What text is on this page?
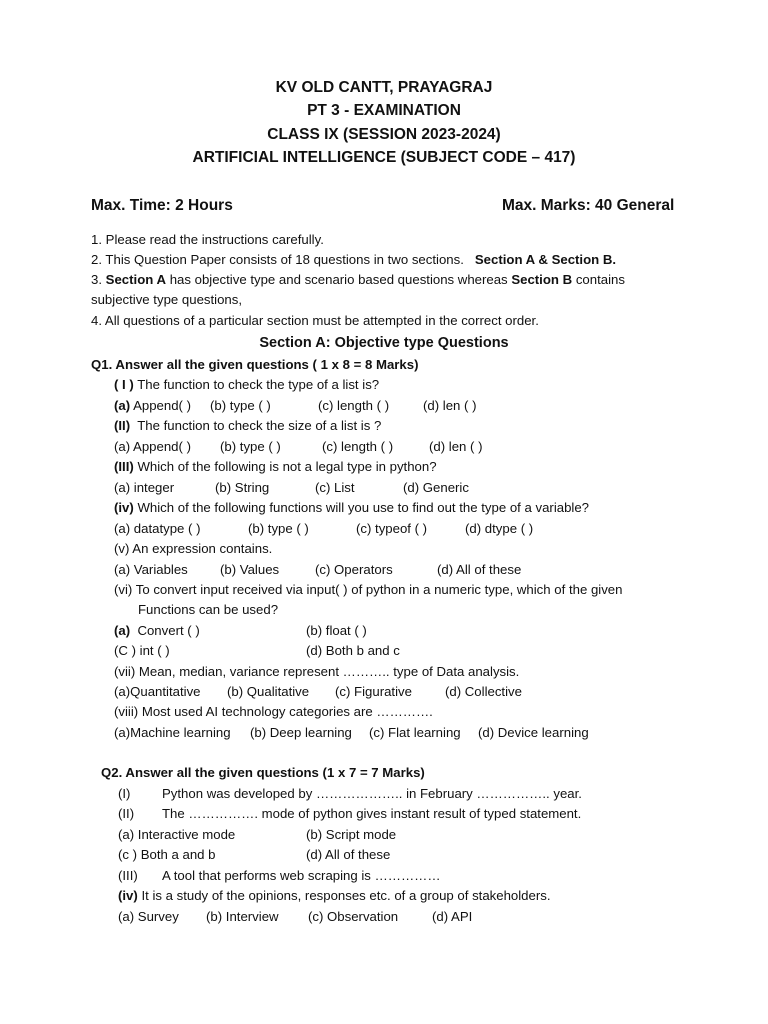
KV OLD CANTT, PRAYAGRAJ
PT 3 - EXAMINATION
CLASS IX (SESSION 2023-2024)
ARTIFICIAL INTELLIGENCE (SUBJECT CODE – 417)
Max. Time: 2 Hours	Max. Marks: 40 General
1. Please read the instructions carefully.
2. This Question Paper consists of 18 questions in two sections. Section A & Section B.
3. Section A has objective type and scenario based questions whereas Section B contains
subjective type questions,
4. All questions of a particular section must be attempted in the correct order.
Section A: Objective type Questions
Q1. Answer all the given questions ( 1 x 8 = 8 Marks)
( I ) The function to check the type of a list is?
(a) Append( ) (b) type ( )	(c) length ( )	(d) len ( )
(II) The function to check the size of a list is ?
(a) Append( ) (b) type ( )	(c) length ( )	(d) len ( )
(III) Which of the following is not a legal type in python?
(a) integer	(b) String	(c) List	(d) Generic
(iv) Which of the following functions will you use to find out the type of a variable?
(a) datatype ( )	(b) type ( )	(c) typeof ( )	(d) dtype ( )
(v) An expression contains.
(a) Variables (b) Values	(c) Operators	(d) All of these
(vi) To convert input received via input( ) of python in a numeric type, which of the given
Functions can be used?
(a) Convert ( )	(b) float ( )
(C ) int ( )	(d) Both b and c
(vii) Mean, median, variance represent ……….. type of Data analysis.
(a)Quantitative (b) Qualitative (c) Figurative	(d) Collective
(viii) Most used AI technology categories are ………….
(a)Machine learning (b) Deep learning (c) Flat learning (d) Device learning
Q2. Answer all the given questions (1 x 7 = 7 Marks)
(I) Python was developed by ……………….. in February …………….. year.
(II) The ……………. mode of python gives instant result of typed statement.
(a) Interactive mode	(b) Script mode
(c ) Both a and b	(d) All of these
(III) A tool that performs web scraping is ……………
(iv) It is a study of the opinions, responses etc. of a group of stakeholders.
(a) Survey (b) Interview (c) Observation	(d) API
